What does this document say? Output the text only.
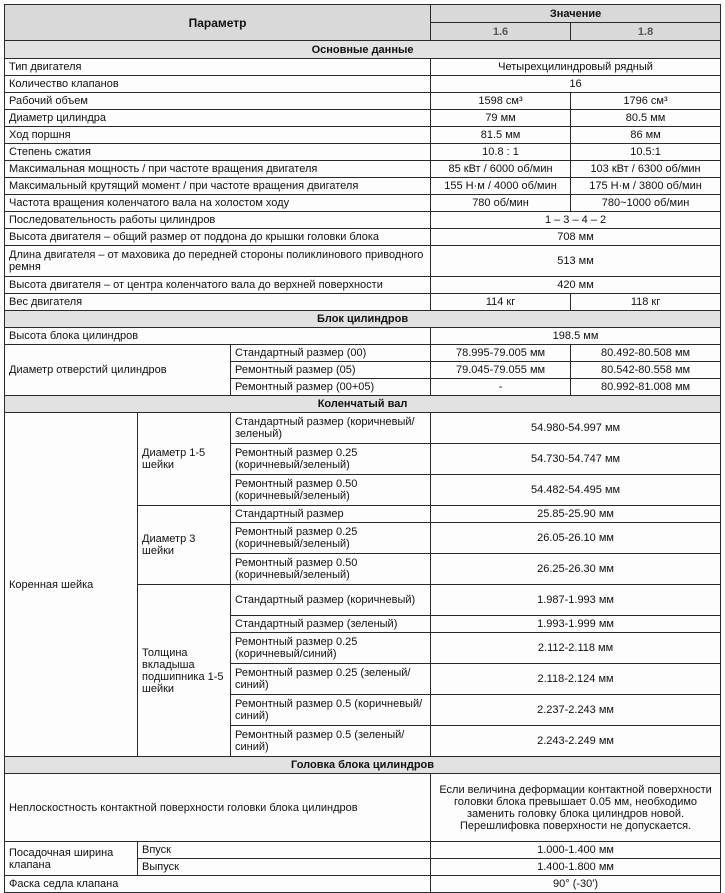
Параметр			Значение	
			1.6	1.8
Основные данные				
Тип двигателя			Четырехцилиндровый рядный	
Количество клапанов			16	
Рабочий объем			1598 см³	1796 см³
Диаметр цилиндра			79 мм	80.5 мм
Ход поршня			81.5 мм	86 мм
Степень сжатия			10.8 : 1	10.5:1
Максимальная мощность / при частоте вращения двигателя			85 кВт / 6000 об/мин	103 кВт / 6300 об/мин
Максимальный крутящий момент / при частоте вращения двигателя			155 Н·м / 4000 об/мин	175 Н·м / 3800 об/мин
Частота вращения коленчатого вала на холостом ходу			780 об/мин	780~1000 об/мин
Последовательность работы цилиндров			1 – 3 – 4 – 2	
Высота двигателя – общий размер от поддона до крышки головки блока			708 мм	
Длина двигателя – от маховика до передней стороны поликлинового приводного ремня			513 мм	
Высота двигателя – от центра коленчатого вала до верхней поверхности			420 мм	
Вес двигателя			114 кг	118 кг
Блок цилиндров				
Высота блока цилиндров			198.5 мм	
Диаметр отверстий цилиндров		Стандартный размер (00)	78.995-79.005 мм	80.492-80.508 мм
		Ремонтный размер (05)	79.045-79.055 мм	80.542-80.558 мм
		Ремонтный размер (00+05)	-	80.992-81.008 мм
Коленчатый вал				
Коренная шейка	Диаметр 1-5 шейки	Стандартный размер (коричневый/зеленый)	54.980-54.997 мм	
		Ремонтный размер 0.25 (коричневый/зеленый)	54.730-54.747 мм	
		Ремонтный размер 0.50 (коричневый/зеленый)	54.482-54.495 мм	
	Диаметр 3 шейки	Стандартный размер	25.85-25.90 мм	
		Ремонтный размер 0.25 (коричневый/зеленый)	26.05-26.10 мм	
		Ремонтный размер 0.50 (коричневый/зеленый)	26.25-26.30 мм	
	Толщина вкладыша подшипника 1-5 шейки	Стандартный размер (коричневый)	1.987-1.993 мм	
		Стандартный размер (зеленый)	1.993-1.999 мм	
		Ремонтный размер 0.25 (коричневый/синий)	2.112-2.118 мм	
		Ремонтный размер 0.25 (зеленый/синий)	2.118-2.124 мм	
		Ремонтный размер 0.5 (коричневый/синий)	2.237-2.243 мм	
		Ремонтный размер 0.5 (зеленый/синий)	2.243-2.249 мм	
Головка блока цилиндров				
Неплоскостность контактной поверхности головки блока цилиндров			Если величина деформации контактной поверхности головки блока превышает 0.05 мм, необходимо заменить головку блока цилиндров новой. Перешлифовка поверхности не допускается.	
Посадочная ширина клапана	Впуск		1.000-1.400 мм	
	Выпуск		1.400-1.800 мм	
Фаска седла клапана			90° (-30')	
